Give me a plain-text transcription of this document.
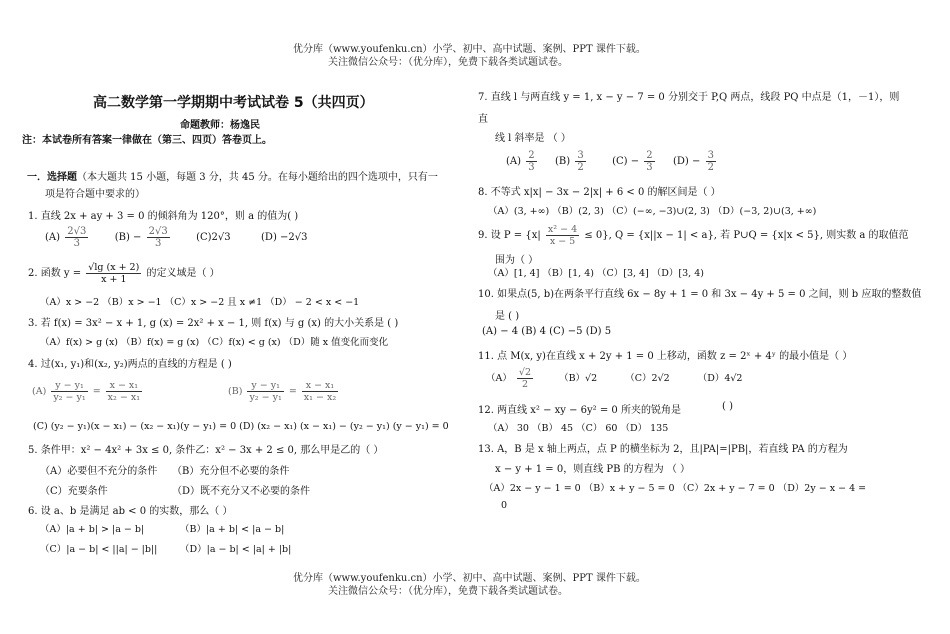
优分库（www.youfenku.cn）小学、初中、高中试题、案例、PPT 课件下载。
关注微信公众号：（优分库），免费下载各类试题试卷。
高二数学第一学期期中考试试卷 5（共四页）
命题教师：杨逸民
注：本试卷所有答案一律做在（第三、四页）答卷页上。
一．选择题（本大题共 15 小题，每题 3 分，共 45 分。在每小题给出的四个选项中，只有一
项是符合题中要求的）
1. 直线 2x + ay + 3 = 0 的倾斜角为 120°，则 a 的值为( )
$(A) \frac{2√3}{3}$	$(B) - \frac{2√3}{3}$	(C)2√3	(D) −2√3
2. 函数 $y = \frac{√\lg (x + 2)}{x + 1}$ 的定义域是（ ）
（A）x > −2 （B）x > −1 （C）x > −2 且 x ≠1 （D） − 2 < x < −1
3. 若 f(x) = 3x² − x + 1, g (x) = 2x² + x − 1, 则 f(x) 与 g (x) 的大小关系是 ( )
（A）f(x) > g (x) （B）f(x) = g (x) （C）f(x) < g (x) （D）随 x 值变化而变化
4. 过(x₁, y₁)和(x₂, y₂)两点的直线的方程是 ( )
$(A) \frac{\text{y − y₁}}{\text{y₂ − y₁}} = \frac{\text{x − x₁}}{\text{x₂ − x₁}}$	$(B) \frac{\text{y − y₁}}{\text{y₂ − y₁}} = \frac{\text{x − x₁}}{\text{x₁ − x₂}}$
(C) (y₂ − y₁)(x − x₁) − (x₂ − x₁)(y − y₁) = 0 (D) (x₂ − x₁) (x − x₁) − (y₂ − y₁) (y − y₁) = 0
5. 条件甲：x² − 4x² + 3x ≤ 0, 条件乙：x² − 3x + 2 ≤ 0, 那么甲是乙的（ ）
（A）必要但不充分的条件 （B）充分但不必要的条件
（C）充要条件	（D）既不充分又不必要的条件
6. 设 a、b 是满足 ab < 0 的实数，那么（ ）
（A）|a + b| > |a − b|	（B）|a + b| < |a − b|
（C）|a − b| < ||a| − |b|| （D）|a − b| < |a| + |b|
7. 直线 l 与两直线 y = 1, x − y − 7 = 0 分别交于 P,Q 两点，线段 PQ 中点是（1，－1），则
直
线 l 斜率是 （ ）
$(A) \frac{2}{3} (B) \frac{3}{2}$	$(C) - \frac{2}{3} (D) - \frac{3}{2}$
8. 不等式 x|x| − 3x − 2|x| + 6 < 0 的解区间是（ ）
（A）(3, +∞) （B）(2, 3) （C）(−∞, −3)∪(2, 3) （D）(−3, 2)∪(3, +∞)
9. 设 $P = \{x| \frac{\text{x² − 4}}{x - 5} \le 0\}$, Q = {x||x − 1| < a}, 若 P∪Q = {x|x < 5}, 则实数 a 的取值范
围为（ ）
（A）[1, 4] （B）[1, 4) （C）[3, 4] （D）[3, 4)
10. 如果点(5, b)在两条平行直线 6x − 8y + 1 = 0 和 3x − 4y + 5 = 0 之间，则 b 应取的整数值
是 ( )
(A) − 4 (B) 4 (C) −5 (D) 5
11. 点 M(x, y)在直线 x + 2y + 1 = 0 上移动，函数 z = 2ˣ + 4ʸ 的最小值是（ ）
$(A) \frac{√2}{2}$	（B）√2	（C）2√2	（D）4√2
12. 两直线 x² − xy − 6y² = 0 所夹的锐角是	( )
（A） 30 （B） 45 （C） 60 （D） 135
13. A，B 是 x 轴上两点，点 P 的横坐标为 2，且|PA|=|PB|，若直线 PA 的方程为
x − y + 1 = 0，则直线 PB 的方程为 （ ）
（A）2x − y − 1 = 0 （B）x + y − 5 = 0 （C）2x + y − 7 = 0 （D）2y − x − 4 =
0
优分库（www.youfenku.cn）小学、初中、高中试题、案例、PPT 课件下载。
关注微信公众号：（优分库），免费下载各类试题试卷。
